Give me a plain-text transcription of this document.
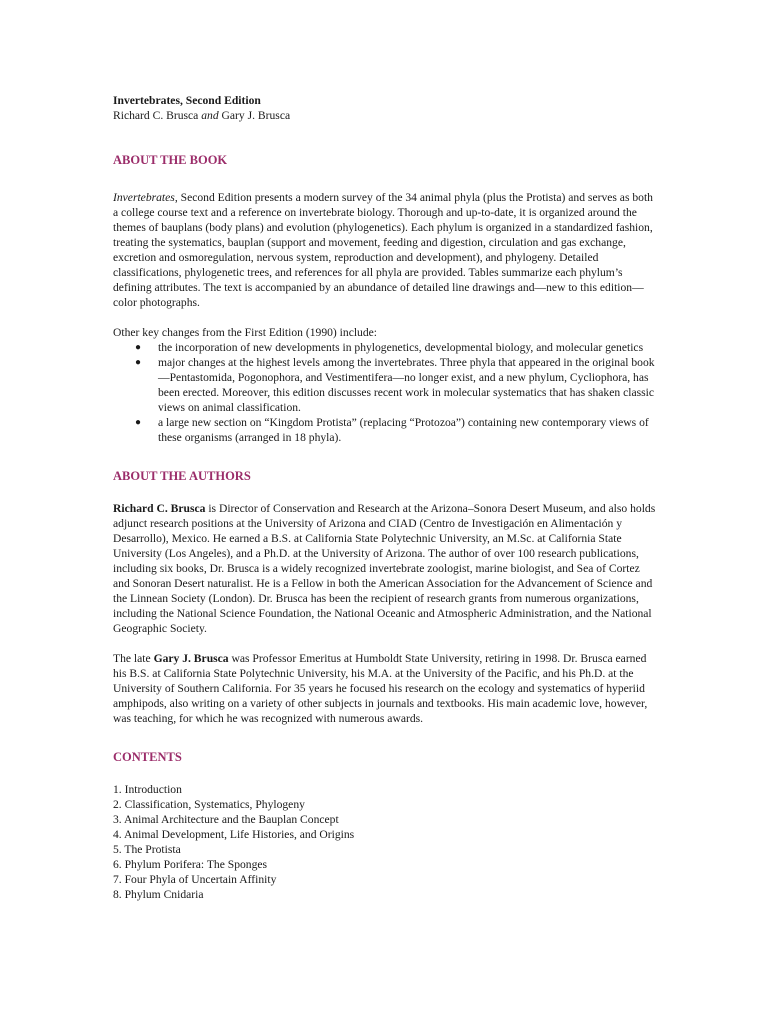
Invertebrates, Second Edition

Richard C. Brusca and Gary J. Brusca

ABOUT THE BOOK

Invertebrates, Second Edition presents a modern survey of the 34 animal phyla (plus the Protista) and serves as both a college course text and a reference on invertebrate biology. Thorough and up-to-date, it is organized around the themes of bauplans (body plans) and evolution (phylogenetics). Each phylum is organized in a standardized fashion, treating the systematics, bauplan (support and movement, feeding and digestion, circulation and gas exchange, excretion and osmoregulation, nervous system, reproduction and development), and phylogeny. Detailed classifications, phylogenetic trees, and references for all phyla are provided. Tables summarize each phylum’s defining attributes. The text is accompanied by an abundance of detailed line drawings and—new to this edition—color photographs.

Other key changes from the First Edition (1990) include:

● the incorporation of new developments in phylogenetics, developmental biology, and molecular genetics
● major changes at the highest levels among the invertebrates. Three phyla that appeared in the original book—Pentastomida, Pogonophora, and Vestimentifera—no longer exist, and a new phylum, Cycliophora, has been erected. Moreover, this edition discusses recent work in molecular systematics that has shaken classic views on animal classification.
● a large new section on “Kingdom Protista” (replacing “Protozoa”) containing new contemporary views of these organisms (arranged in 18 phyla).
ABOUT THE AUTHORS

Richard C. Brusca is Director of Conservation and Research at the Arizona–Sonora Desert Museum, and also holds adjunct research positions at the University of Arizona and CIAD (Centro de Investigación en Alimentación y Desarrollo), Mexico. He earned a B.S. at California State Polytechnic University, an M.Sc. at California State University (Los Angeles), and a Ph.D. at the University of Arizona. The author of over 100 research publications, including six books, Dr. Brusca is a widely recognized invertebrate zoologist, marine biologist, and Sea of Cortez and Sonoran Desert naturalist. He is a Fellow in both the American Association for the Advancement of Science and the Linnean Society (London). Dr. Brusca has been the recipient of research grants from numerous organizations, including the National Science Foundation, the National Oceanic and Atmospheric Administration, and the National Geographic Society.

The late Gary J. Brusca was Professor Emeritus at Humboldt State University, retiring in 1998. Dr. Brusca earned his B.S. at California State Polytechnic University, his M.A. at the University of the Pacific, and his Ph.D. at the University of Southern California. For 35 years he focused his research on the ecology and systematics of hyperiid amphipods, also writing on a variety of other subjects in journals and textbooks. His main academic love, however, was teaching, for which he was recognized with numerous awards.

CONTENTS
1. Introduction
2. Classification, Systematics, Phylogeny
3. Animal Architecture and the Bauplan Concept
4. Animal Development, Life Histories, and Origins
5. The Protista
6. Phylum Porifera: The Sponges
7. Four Phyla of Uncertain Affinity
8. Phylum Cnidaria
